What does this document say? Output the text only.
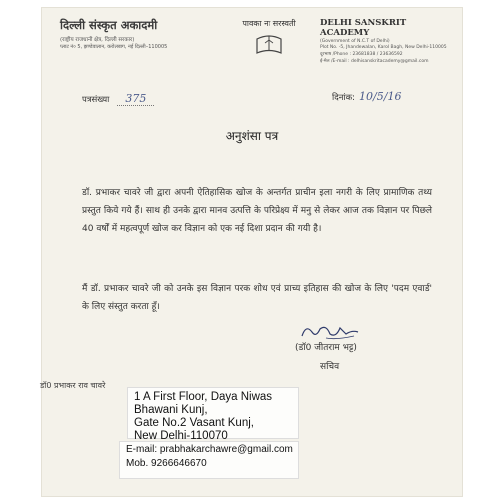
दिल्ली संस्कृत अकादमी
(राष्ट्रीय राजधानी क्षेत्र, दिल्ली सरकार)
प्लाट नं० 5, झण्डेवालान, करोलबाग, नई दिल्ली–110005
पावका नः सरस्वती	DELHI SANSKRIT ACADEMY
(Government of N.C.T of Delhi)
Plot No. -5, Jhandewalan, Karol Bagh, New Delhi-110005
दूरभाष /Phone : 23681838 / 23636592
ई-मेल /E-mail : delhisanskritacademy@gmail.com
पत्रसंख्या 375	दिनांक: 10/5/16
अनुशंसा पत्र
डॉ. प्रभाकर चावरे जी द्वारा अपनी ऐतिहासिक खोज के अन्तर्गत प्राचीन इला नगरी के लिए प्रामाणिक तथ्य प्रस्तुत किये गये हैं। साथ ही उनके द्वारा मानव उत्पत्ति के परिप्रेक्ष्य में मनु से लेकर आज तक विज्ञान पर पिछले 40 वर्षों में महत्वपूर्ण खोज कर विज्ञान को एक नई दिशा प्रदान की गयी है।
मैं डॉ. प्रभाकर चावरे जी को उनके इस विज्ञान परक शोध एवं प्राच्य इतिहास की खोज के लिए 'पदम एवार्ड' के लिए संस्तुत करता हूँ।
(डॉ0 जीतराम भट्ट)
सचिव
डॉ0 प्रभाकर राव चावरे
1 A First Floor, Daya Niwas
Bhawani Kunj,
Gate No.2 Vasant Kunj,
New Delhi-110070
E-mail: prabhakarchawre@gmail.com
Mob. 9266646670
